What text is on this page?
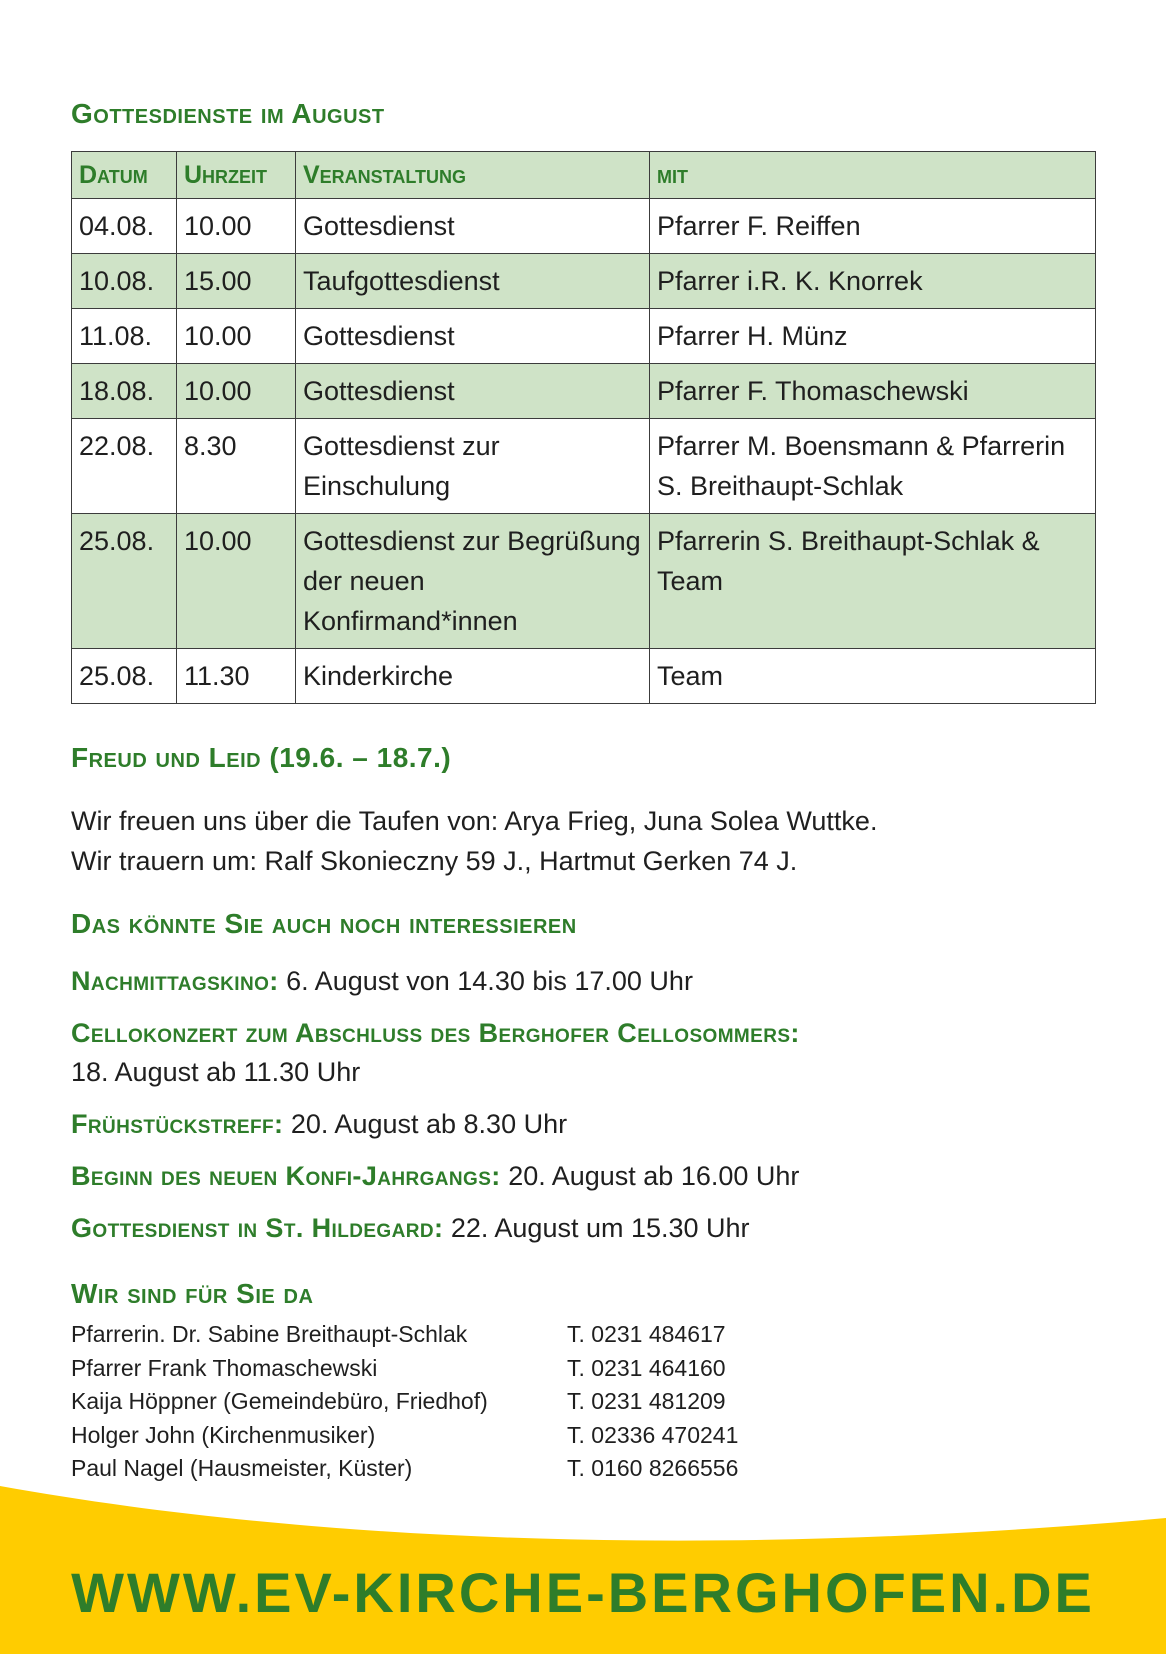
Gottesdienste im August
Datum	Uhrzeit	Veranstaltung	mit
04.08.	10.00	Gottesdienst	Pfarrer F. Reiffen
10.08.	15.00	Taufgottesdienst	Pfarrer i.R. K. Knorrek
11.08.	10.00	Gottesdienst	Pfarrer H. Münz
18.08.	10.00	Gottesdienst	Pfarrer F. Thomaschewski
22.08.	8.30	Gottesdienst zur Einschulung	Pfarrer M. Boensmann & Pfarrerin S. Breithaupt-Schlak
25.08.	10.00	Gottesdienst zur Begrüßung der neuen Konfirmand*innen	Pfarrerin S. Breithaupt-Schlak & Team
25.08.	11.30	Kinderkirche	Team
Freud und Leid (19.6. – 18.7.)
Wir freuen uns über die Taufen von: Arya Frieg, Juna Solea Wuttke.
Wir trauern um: Ralf Skonieczny 59 J., Hartmut Gerken 74 J.
Das könnte Sie auch noch interessieren

Nachmittagskino: 6. August von 14.30 bis 17.00 Uhr

Cellokonzert zum Abschluss des Berghofer Cellosommers:
18. August ab 11.30 Uhr

Frühstückstreff: 20. August ab 8.30 Uhr

Beginn des neuen Konfi-Jahrgangs: 20. August ab 16.00 Uhr

Gottesdienst in St. Hildegard: 22. August um 15.30 Uhr

Wir sind für Sie da
Pfarrerin. Dr. Sabine Breithaupt-Schlak	T. 0231 484617
Pfarrer Frank Thomaschewski	T. 0231 464160
Kaija Höppner (Gemeindebüro, Friedhof)	T. 0231 481209
Holger John (Kirchenmusiker)	T. 02336 470241
Paul Nagel (Hausmeister, Küster)	T. 0160 8266556
WWW.EV-KIRCHE-BERGHOFEN.DE
